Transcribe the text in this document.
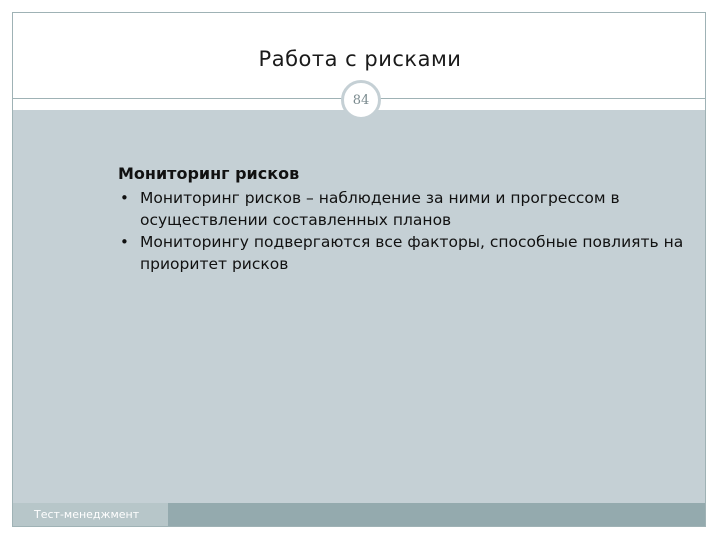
Работа с рисками
84

Мониторинг рисков

• Мониторинг рисков – наблюдение за ними и прогрессом в осуществлении составленных планов

• Мониторингу подвергаются все факторы, способные повлиять на приоритет рисков

Тест-менеджмент
